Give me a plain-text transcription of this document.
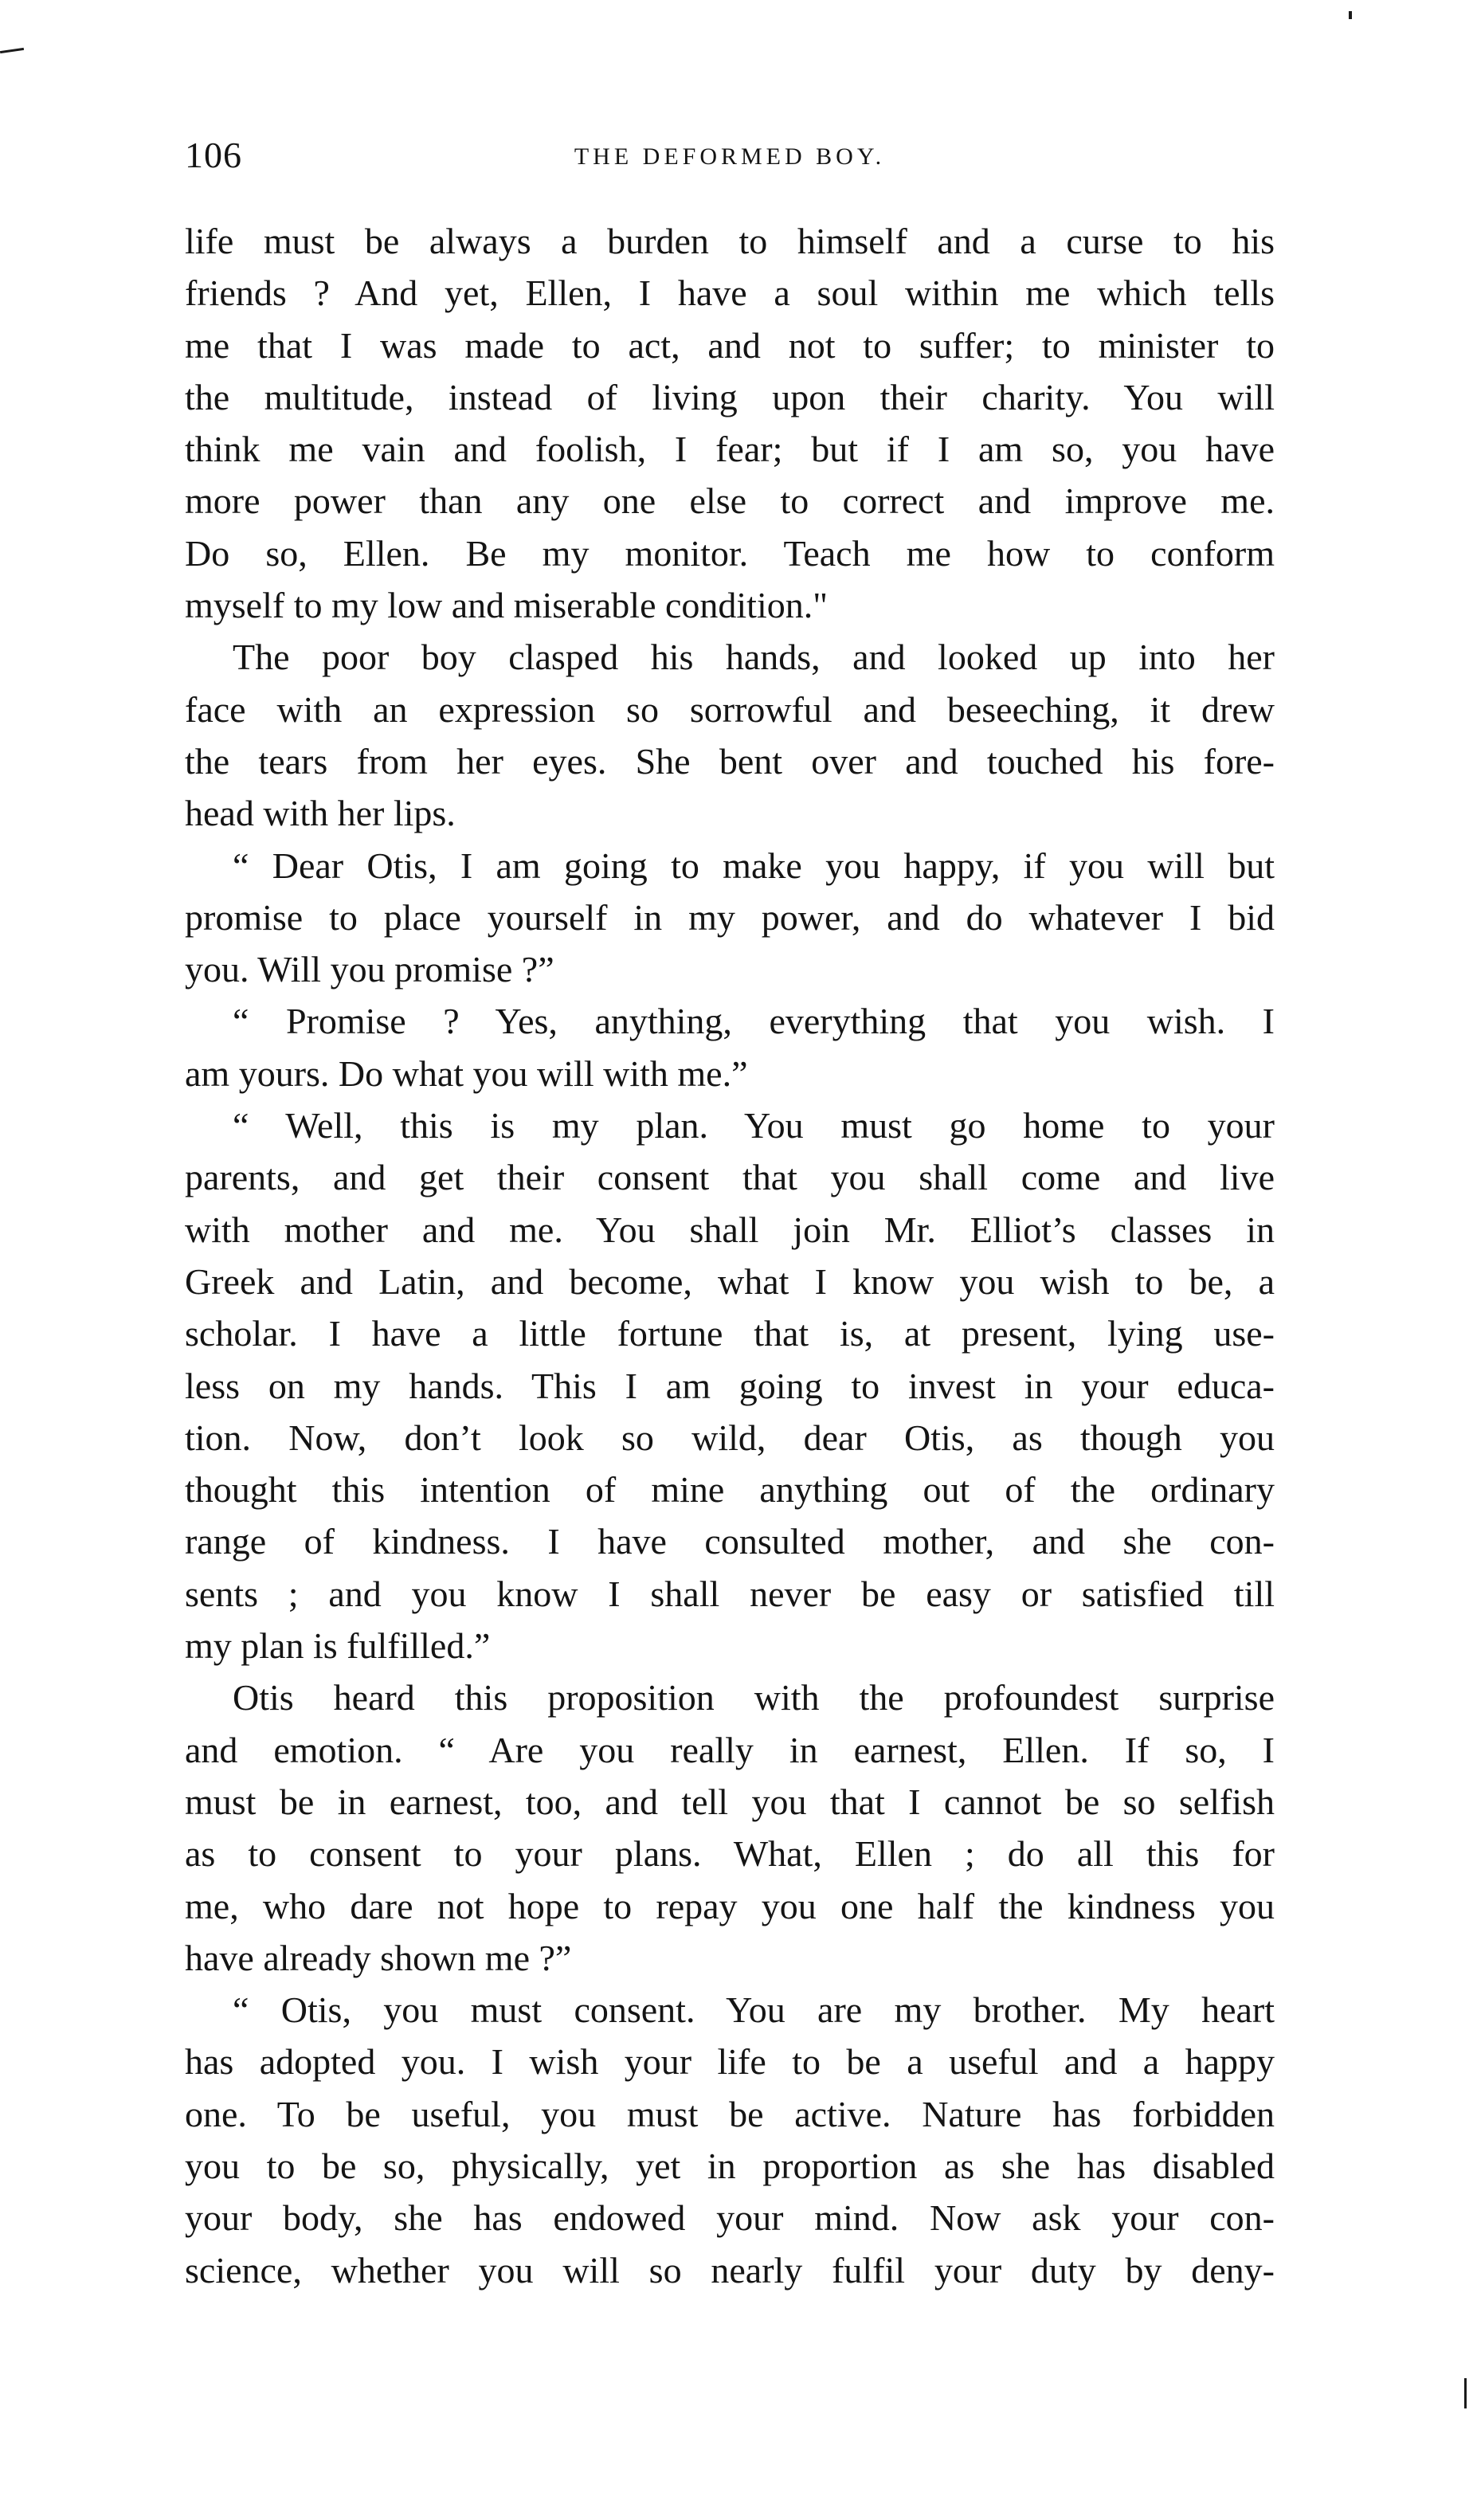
106	THE DEFORMED BOY.
life must be always a burden to himself and a curse to his
friends ? And yet, Ellen, I have a soul within me which tells
me that I was made to act, and not to suffer; to minister to
the multitude, instead of living upon their charity. You will
think me vain and foolish, I fear; but if I am so, you have
more power than any one else to correct and improve me.
Do so, Ellen. Be my monitor. Teach me how to conform
myself to my low and miserable condition."
The poor boy clasped his hands, and looked up into her
face with an expression so sorrowful and beseeching, it drew
the tears from her eyes. She bent over and touched his fore-
head with her lips.
“ Dear Otis, I am going to make you happy, if you will but
promise to place yourself in my power, and do whatever I bid
you. Will you promise ?”
“ Promise ? Yes, anything, everything that you wish. I
am yours. Do what you will with me.”
“ Well, this is my plan. You must go home to your
parents, and get their consent that you shall come and live
with mother and me. You shall join Mr. Elliot’s classes in
Greek and Latin, and become, what I know you wish to be, a
scholar. I have a little fortune that is, at present, lying use-
less on my hands. This I am going to invest in your educa-
tion. Now, don’t look so wild, dear Otis, as though you
thought this intention of mine anything out of the ordinary
range of kindness. I have consulted mother, and she con-
sents ; and you know I shall never be easy or satisfied till
my plan is fulfilled.”
Otis heard this proposition with the profoundest surprise
and emotion. “ Are you really in earnest, Ellen. If so, I
must be in earnest, too, and tell you that I cannot be so selfish
as to consent to your plans. What, Ellen ; do all this for
me, who dare not hope to repay you one half the kindness you
have already shown me ?”
“ Otis, you must consent. You are my brother. My heart
has adopted you. I wish your life to be a useful and a happy
one. To be useful, you must be active. Nature has forbidden
you to be so, physically, yet in proportion as she has disabled
your body, she has endowed your mind. Now ask your con-
science, whether you will so nearly fulfil your duty by deny-
